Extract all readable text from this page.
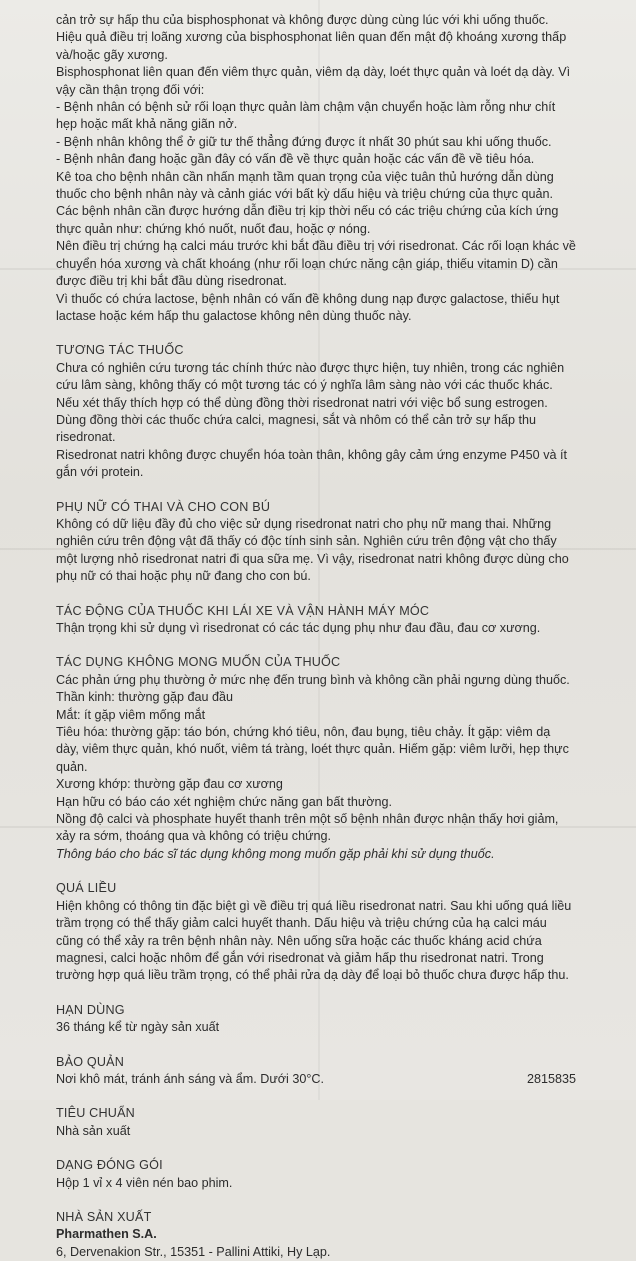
cản trở sự hấp thu của bisphosphonat và không được dùng cùng lúc với khi uống thuốc.

Hiệu quả điều trị loãng xương của bisphosphonat liên quan đến mật độ khoáng xương thấp và/hoặc gãy xương.

Bisphosphonat liên quan đến viêm thực quản, viêm dạ dày, loét thực quản và loét dạ dày. Vì vậy cần thận trọng đối với:

- Bệnh nhân có bệnh sử rối loạn thực quản làm chậm vận chuyển hoặc làm rỗng như chít hẹp hoặc mất khả năng giãn nở.

- Bệnh nhân không thể ở giữ tư thế thẳng đứng được ít nhất 30 phút sau khi uống thuốc.

- Bệnh nhân đang hoặc gần đây có vấn đề về thực quản hoặc các vấn đề về tiêu hóa.

Kê toa cho bệnh nhân cần nhấn mạnh tầm quan trọng của việc tuân thủ hướng dẫn dùng thuốc cho bệnh nhân này và cảnh giác với bất kỳ dấu hiệu và triệu chứng của thực quản. Các bệnh nhân cần được hướng dẫn điều trị kịp thời nếu có các triệu chứng của kích ứng thực quản như: chứng khó nuốt, nuốt đau, hoặc ợ nóng.

Nên điều trị chứng hạ calci máu trước khi bắt đầu điều trị với risedronat. Các rối loạn khác về chuyển hóa xương và chất khoáng (như rối loạn chức năng cận giáp, thiếu vitamin D) cần được điều trị khi bắt đầu dùng risedronat.

Vì thuốc có chứa lactose, bệnh nhân có vấn đề không dung nạp được galactose, thiếu hụt lactase hoặc kém hấp thu galactose không nên dùng thuốc này.

TƯƠNG TÁC THUỐC

Chưa có nghiên cứu tương tác chính thức nào được thực hiện, tuy nhiên, trong các nghiên cứu lâm sàng, không thấy có một tương tác có ý nghĩa lâm sàng nào với các thuốc khác.

Nếu xét thấy thích hợp có thể dùng đồng thời risedronat natri với việc bổ sung estrogen.

Dùng đồng thời các thuốc chứa calci, magnesi, sắt và nhôm có thể cản trở sự hấp thu risedronat.

Risedronat natri không được chuyển hóa toàn thân, không gây cảm ứng enzyme P450 và ít gắn với protein.

PHỤ NỮ CÓ THAI VÀ CHO CON BÚ

Không có dữ liệu đầy đủ cho việc sử dụng risedronat natri cho phụ nữ mang thai. Những nghiên cứu trên động vật đã thấy có độc tính sinh sản. Nghiên cứu trên động vật cho thấy một lượng nhỏ risedronat natri đi qua sữa mẹ. Vì vậy, risedronat natri không được dùng cho phụ nữ có thai hoặc phụ nữ đang cho con bú.

TÁC ĐỘNG CỦA THUỐC KHI LÁI XE VÀ VẬN HÀNH MÁY MÓC

Thận trọng khi sử dụng vì risedronat có các tác dụng phụ như đau đầu, đau cơ xương.

TÁC DỤNG KHÔNG MONG MUỐN CỦA THUỐC

Các phản ứng phụ thường ở mức nhẹ đến trung bình và không cần phải ngưng dùng thuốc.

Thần kinh: thường gặp đau đầu

Mắt: ít gặp viêm mống mắt

Tiêu hóa: thường gặp: táo bón, chứng khó tiêu, nôn, đau bụng, tiêu chảy. Ít gặp: viêm dạ dày, viêm thực quản, khó nuốt, viêm tá tràng, loét thực quản. Hiếm gặp: viêm lưỡi, hẹp thực quản.

Xương khớp: thường gặp đau cơ xương

Hạn hữu có báo cáo xét nghiệm chức năng gan bất thường.

Nồng độ calci và phosphate huyết thanh trên một số bệnh nhân được nhận thấy hơi giảm, xảy ra sớm, thoáng qua và không có triệu chứng.

Thông báo cho bác sĩ tác dụng không mong muốn gặp phải khi sử dụng thuốc.

QUÁ LIỀU

Hiện không có thông tin đặc biệt gì về điều trị quá liều risedronat natri. Sau khi uống quá liều trầm trọng có thể thấy giảm calci huyết thanh. Dấu hiệu và triệu chứng của hạ calci máu cũng có thể xảy ra trên bệnh nhân này. Nên uống sữa hoặc các thuốc kháng acid chứa magnesi, calci hoặc nhôm để gắn với risedronat và giảm hấp thu risedronat natri. Trong trường hợp quá liều trầm trọng, có thể phải rửa dạ dày để loại bỏ thuốc chưa được hấp thu.

HẠN DÙNG

36 tháng kể từ ngày sản xuất

BẢO QUẢN

Nơi khô mát, tránh ánh sáng và ẩm. Dưới 30°C.

TIÊU CHUẨN

Nhà sản xuất

DẠNG ĐÓNG GÓI

Hộp 1 vỉ x 4 viên nén bao phim.

NHÀ SẢN XUẤT

Pharmathen S.A.

6, Dervenakion Str., 15351 - Pallini Attiki, Hy Lạp.

2815835
